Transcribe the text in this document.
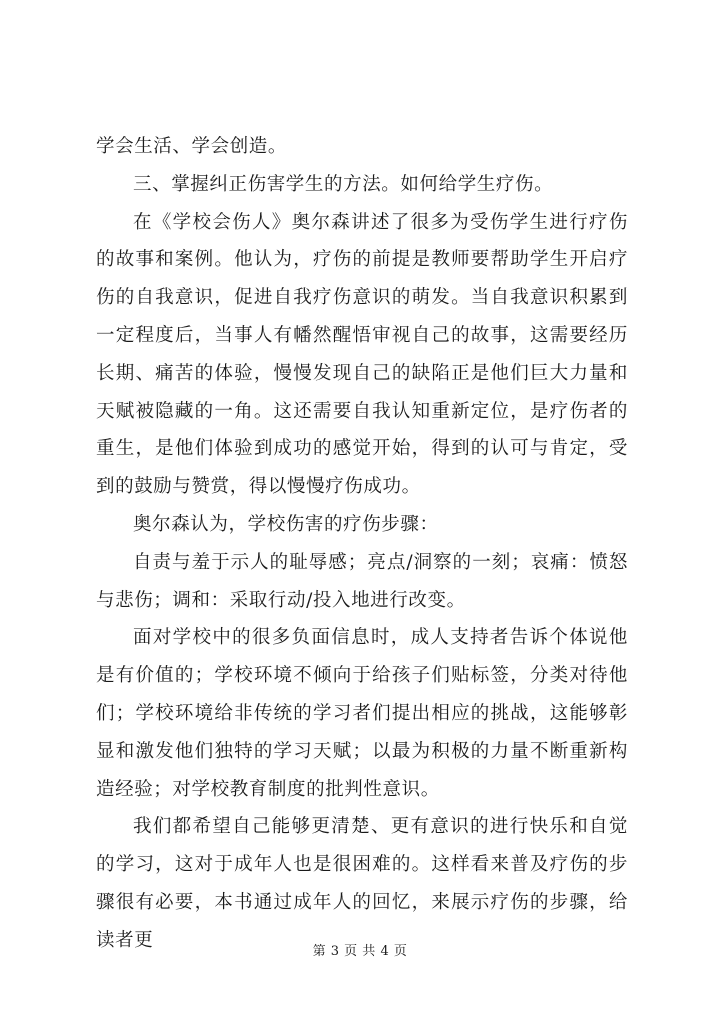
学会生活、学会创造。

三、掌握纠正伤害学生的方法。如何给学生疗伤。

在《学校会伤人》奥尔森讲述了很多为受伤学生进行疗伤的故事和案例。他认为，疗伤的前提是教师要帮助学生开启疗伤的自我意识，促进自我疗伤意识的萌发。当自我意识积累到一定程度后，当事人有幡然醒悟审视自己的故事，这需要经历长期、痛苦的体验，慢慢发现自己的缺陷正是他们巨大力量和天赋被隐藏的一角。这还需要自我认知重新定位，是疗伤者的重生，是他们体验到成功的感觉开始，得到的认可与肯定，受到的鼓励与赞赏，得以慢慢疗伤成功。

奥尔森认为，学校伤害的疗伤步骤：

自责与羞于示人的耻辱感；亮点/洞察的一刻；哀痛：愤怒与悲伤；调和：采取行动/投入地进行改变。

面对学校中的很多负面信息时，成人支持者告诉个体说他是有价值的；学校环境不倾向于给孩子们贴标签，分类对待他们；学校环境给非传统的学习者们提出相应的挑战，这能够彰显和激发他们独特的学习天赋；以最为积极的力量不断重新构造经验；对学校教育制度的批判性意识。

我们都希望自己能够更清楚、更有意识的进行快乐和自觉的学习，这对于成年人也是很困难的。这样看来普及疗伤的步骤很有必要，本书通过成年人的回忆，来展示疗伤的步骤，给读者更

第 3 页 共 4 页
